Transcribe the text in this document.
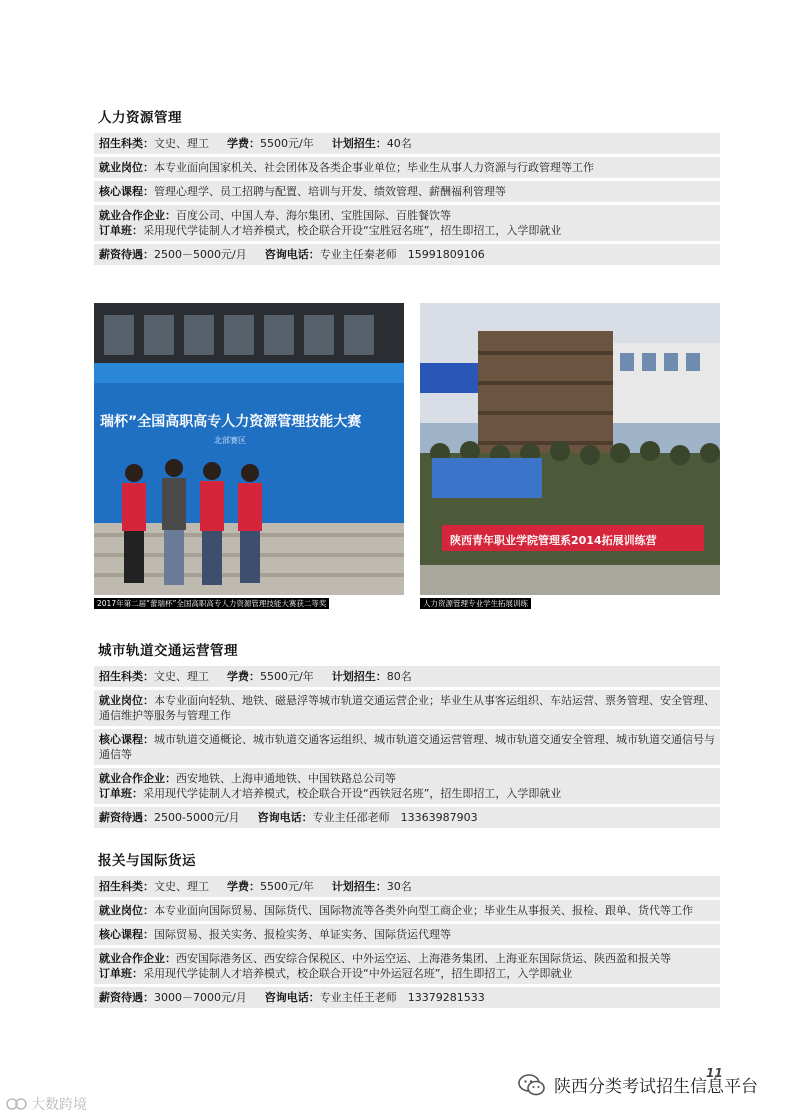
人力资源管理
招生科类：文史、理工 学费：5500元/年 计划招生：40名
就业岗位：本专业面向国家机关、社会团体及各类企事业单位；毕业生从事人力资源与行政管理等工作
核心课程：管理心理学、员工招聘与配置、培训与开发、绩效管理、薪酬福利管理等
就业合作企业：百度公司、中国人寿、海尔集团、宝胜国际、百胜餐饮等
订单班：采用现代学徒制人才培养模式，校企联合开设“宝胜冠名班”，招生即招工，入学即就业
薪资待遇：2500－5000元/月 咨询电话：专业主任秦老师　15991809106
瑞杯”全国高职高专人力资源管理技能大赛
北部赛区
2017年第二届“蕾瑞杯”全国高职高专人力资源管理技能大赛获二等奖
陕西青年职业学院管理系2014拓展训练营
人力资源管理专业学生拓展训练
城市轨道交通运营管理
招生科类：文史、理工 学费：5500元/年 计划招生：80名
就业岗位：本专业面向轻轨、地铁、磁悬浮等城市轨道交通运营企业；毕业生从事客运组织、车站运营、票务管理、安全管理、通信维护等服务与管理工作
核心课程：城市轨道交通概论、城市轨道交通客运组织、城市轨道交通运营管理、城市轨道交通安全管理、城市轨道交通信号与通信等
就业合作企业：西安地铁、上海申通地铁、中国铁路总公司等
订单班：采用现代学徒制人才培养模式，校企联合开设“西铁冠名班”，招生即招工，入学即就业
薪资待遇：2500-5000元/月 咨询电话：专业主任邵老师　13363987903
报关与国际货运
招生科类：文史、理工 学费：5500元/年 计划招生：30名
就业岗位：本专业面向国际贸易、国际货代、国际物流等各类外向型工商企业；毕业生从事报关、报检、跟单、货代等工作
核心课程：国际贸易、报关实务、报检实务、单证实务、国际货运代理等
就业合作企业：西安国际港务区、西安综合保税区、中外运空运、上海港务集团、上海亚东国际货运、陕西盈和报关等
订单班：采用现代学徒制人才培养模式，校企联合开设“中外运冠名班”，招生即招工，入学即就业
薪资待遇：3000－7000元/月 咨询电话：专业主任王老师　13379281533
11
陕西分类考试招生信息平台
大数跨境
